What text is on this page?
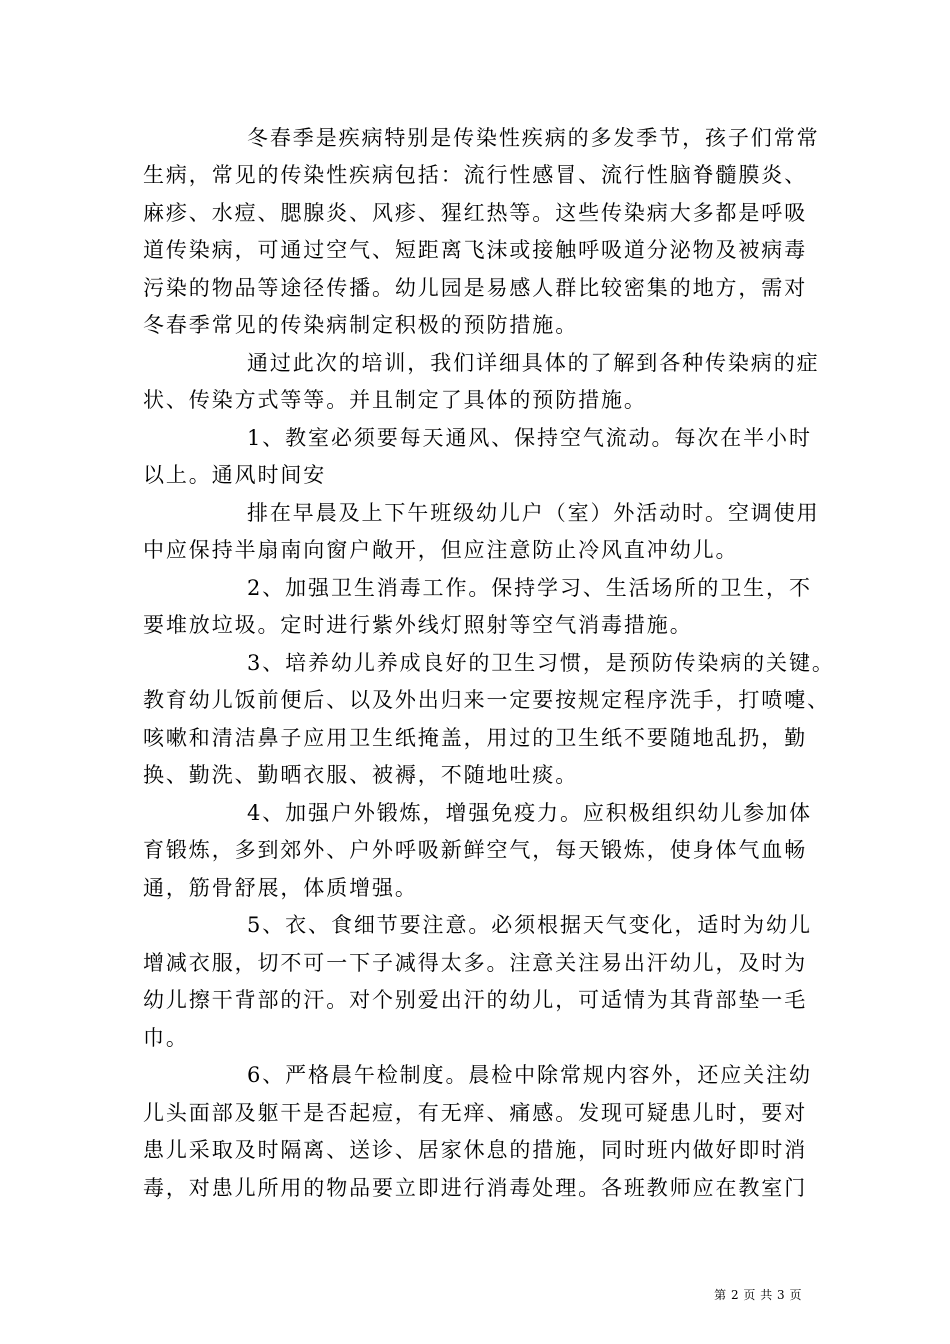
冬春季是疾病特别是传染性疾病的多发季节，孩子们常常
生病，常见的传染性疾病包括：流行性感冒、流行性脑脊髓膜炎、
麻疹、水痘、腮腺炎、风疹、猩红热等。这些传染病大多都是呼吸
道传染病，可通过空气、短距离飞沫或接触呼吸道分泌物及被病毒
污染的物品等途径传播。幼儿园是易感人群比较密集的地方，需对
冬春季常见的传染病制定积极的预防措施。
通过此次的培训，我们详细具体的了解到各种传染病的症
状、传染方式等等。并且制定了具体的预防措施。
1、教室必须要每天通风、保持空气流动。每次在半小时
以上。通风时间安
排在早晨及上下午班级幼儿户（室）外活动时。空调使用
中应保持半扇南向窗户敞开，但应注意防止冷风直冲幼儿。
2、加强卫生消毒工作。保持学习、生活场所的卫生，不
要堆放垃圾。定时进行紫外线灯照射等空气消毒措施。
3、培养幼儿养成良好的卫生习惯，是预防传染病的关键。
教育幼儿饭前便后、以及外出归来一定要按规定程序洗手，打喷嚏、
咳嗽和清洁鼻子应用卫生纸掩盖，用过的卫生纸不要随地乱扔，勤
换、勤洗、勤晒衣服、被褥，不随地吐痰。
4、加强户外锻炼，增强免疫力。应积极组织幼儿参加体
育锻炼，多到郊外、户外呼吸新鲜空气，每天锻炼，使身体气血畅
通，筋骨舒展，体质增强。
5、衣、食细节要注意。必须根据天气变化，适时为幼儿
增减衣服，切不可一下子减得太多。注意关注易出汗幼儿，及时为
幼儿擦干背部的汗。对个别爱出汗的幼儿，可适情为其背部垫一毛
巾。
6、严格晨午检制度。晨检中除常规内容外，还应关注幼
儿头面部及躯干是否起痘，有无痒、痛感。发现可疑患儿时，要对
患儿采取及时隔离、送诊、居家休息的措施，同时班内做好即时消
毒，对患儿所用的物品要立即进行消毒处理。各班教师应在教室门
第 2 页 共 3 页
